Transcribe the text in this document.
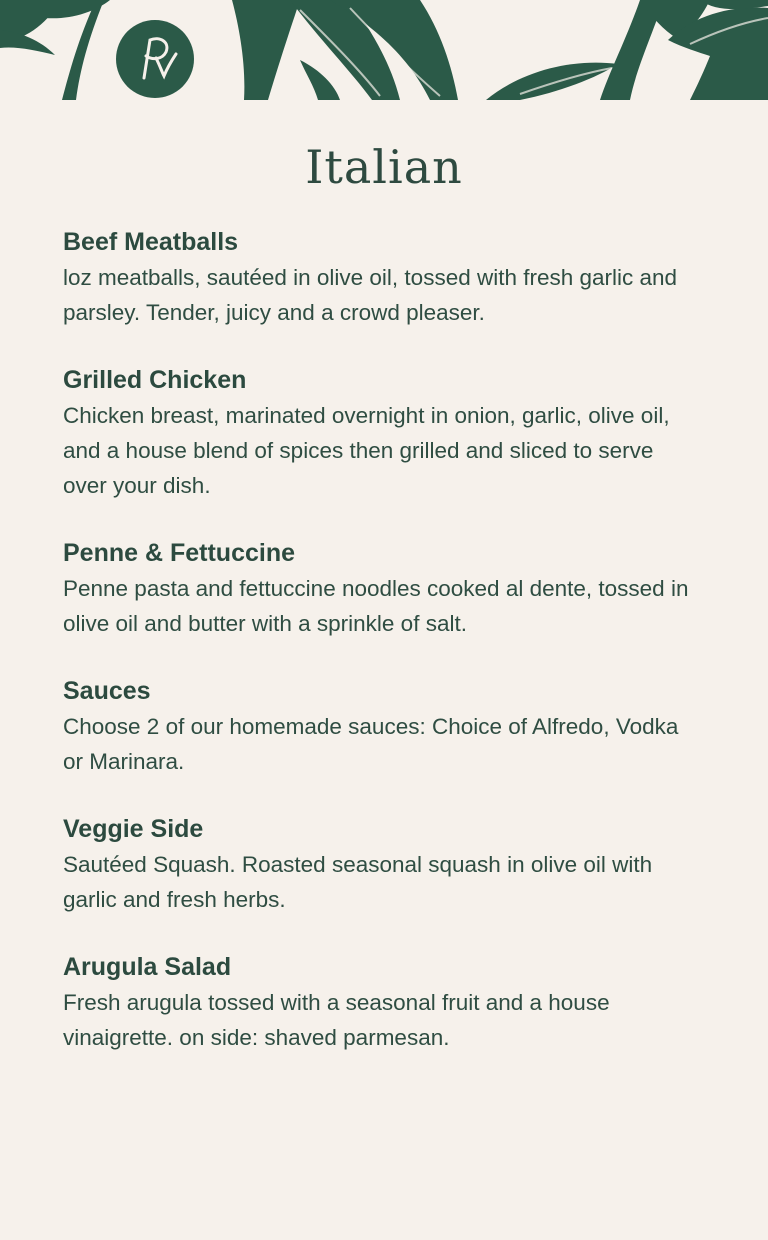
Italian

Beef Meatballs

loz meatballs, sautéed in olive oil, tossed with fresh garlic and parsley. Tender, juicy and a crowd pleaser.

Grilled Chicken

Chicken breast, marinated overnight in onion, garlic, olive oil, and a house blend of spices then grilled and sliced to serve over your dish.

Penne & Fettuccine

Penne pasta and fettuccine noodles cooked al dente, tossed in olive oil and butter with a sprinkle of salt.

Sauces

Choose 2 of our homemade sauces: Choice of Alfredo, Vodka or Marinara.

Veggie Side

Sautéed Squash. Roasted seasonal squash in olive oil with garlic and fresh herbs.

Arugula Salad

Fresh arugula tossed with a seasonal fruit and a house vinaigrette. on side: shaved parmesan.
